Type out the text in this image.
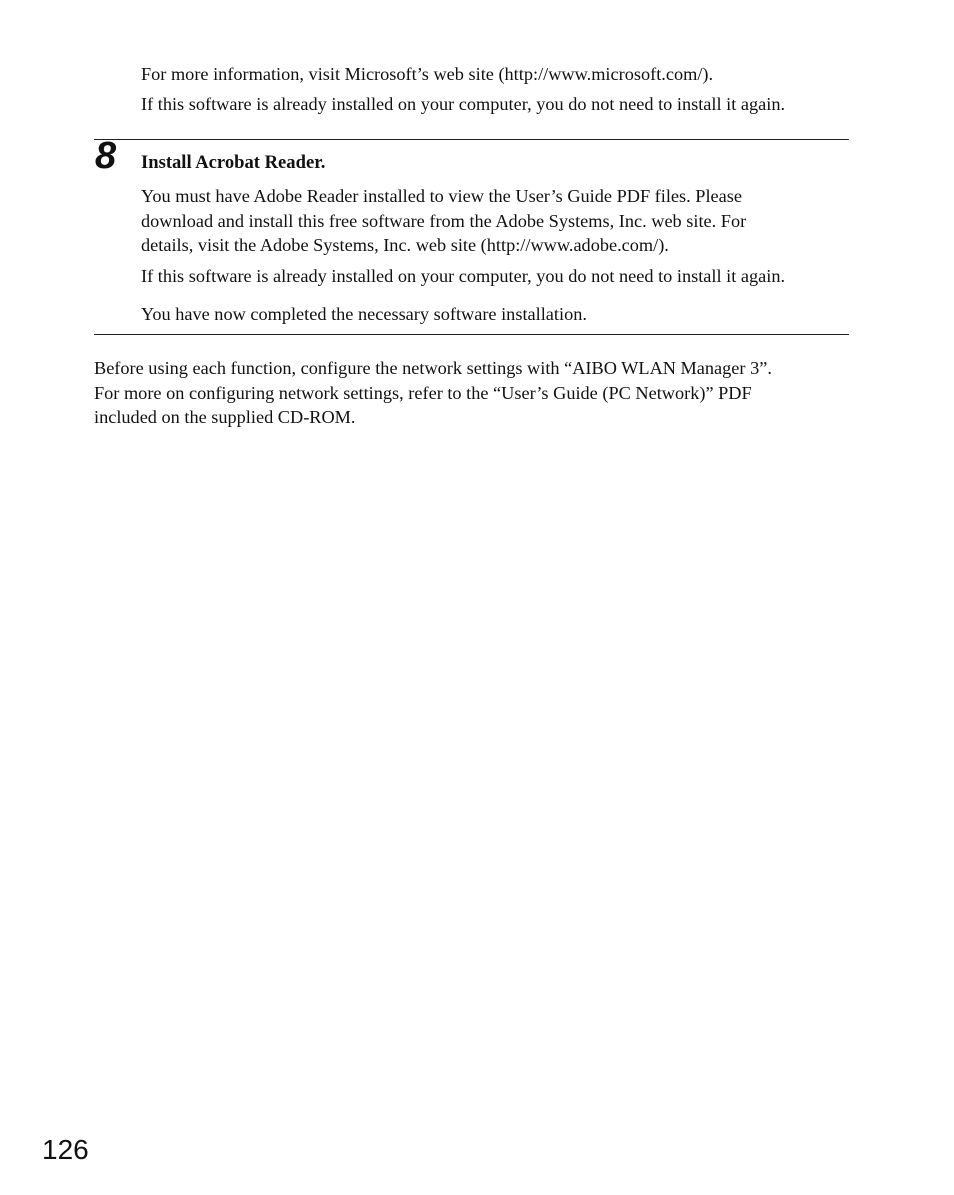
For more information, visit Microsoft’s web site (http://www.microsoft.com/).

If this software is already installed on your computer, you do not need to install it again.

8 Install Acrobat Reader.

You must have Adobe Reader installed to view the User’s Guide PDF files. Please
download and install this free software from the Adobe Systems, Inc. web site. For
details, visit the Adobe Systems, Inc. web site (http://www.adobe.com/).

If this software is already installed on your computer, you do not need to install it again.

You have now completed the necessary software installation.

Before using each function, configure the network settings with “AIBO WLAN Manager 3”.
For more on configuring network settings, refer to the “User’s Guide (PC Network)” PDF
included on the supplied CD-ROM.
126
